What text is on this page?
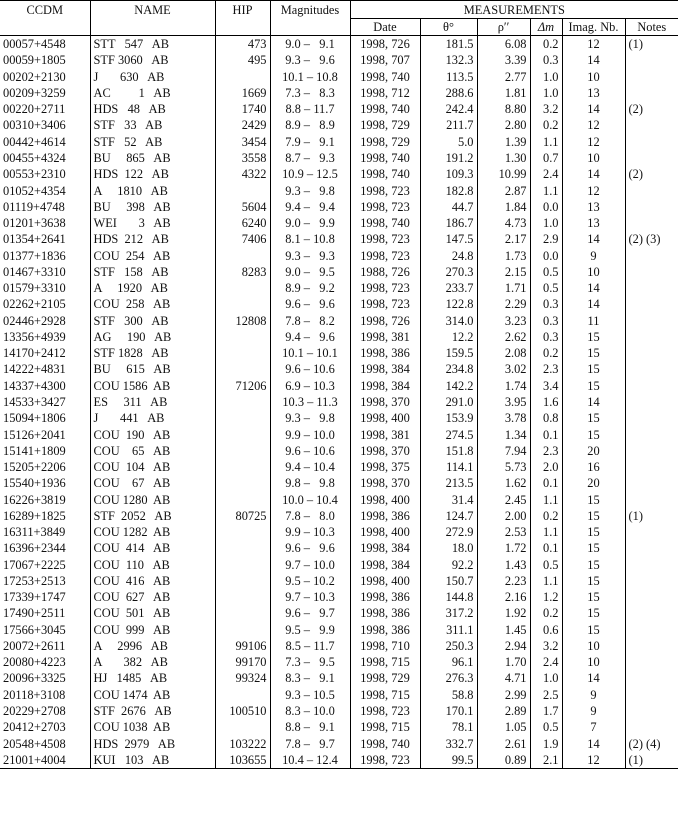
CCDM	NAME	HIP	Magnitudes	MEASUREMENTS					
				Date	θ°	ρ′′	Δm	Imag. Nb.	Notes
00057+4548	STT   547   AB	473	9.0 –   9.1	1998, 726	181.5	6.08	0.2	12	(1)
00059+1805	STF 3060   AB	495	9.3 –   9.6	1998, 707	132.3	3.39	0.3	14	
00202+2130	J       630   AB		10.1 – 10.8	1998, 740	113.5	2.77	1.0	10	
00209+3259	AC         1   AB	1669	7.3 –   8.3	1998, 712	288.6	1.81	1.0	13	
00220+2711	HDS   48   AB	1740	8.8 – 11.7	1998, 740	242.4	8.80	3.2	14	(2)
00310+3406	STF   33   AB	2429	8.9 –   8.9	1998, 729	211.7	2.80	0.2	12	
00442+4614	STF   52   AB	3454	7.9 –   9.1	1998, 729	5.0	1.39	1.1	12	
00455+4324	BU     865   AB	3558	8.7 –   9.3	1998, 740	191.2	1.30	0.7	10	
00553+2310	HDS  122   AB	4322	10.9 – 12.5	1998, 740	109.3	10.99	2.4	14	(2)
01052+4354	A     1810   AB		9.3 –   9.8	1998, 723	182.8	2.87	1.1	12	
01119+4748	BU     398   AB	5604	9.4 –   9.4	1998, 723	44.7	1.84	0.0	13	
01201+3638	WEI       3   AB	6240	9.0 –   9.9	1998, 740	186.7	4.73	1.0	13	
01354+2641	HDS  212   AB	7406	8.1 – 10.8	1998, 723	147.5	2.17	2.9	14	(2) (3)
01377+1836	COU  254   AB		9.3 –   9.3	1998, 723	24.8	1.73	0.0	9	
01467+3310	STF   158   AB	8283	9.0 –   9.5	1988, 726	270.3	2.15	0.5	10	
01579+3310	A     1920   AB		8.9 –   9.2	1998, 723	233.7	1.71	0.5	14	
02262+2105	COU  258   AB		9.6 –   9.6	1998, 723	122.8	2.29	0.3	14	
02446+2928	STF   300   AB	12808	7.8 –   8.2	1998, 726	314.0	3.23	0.3	11	
13356+4939	AG     190   AB		9.4 –   9.6	1998, 381	12.2	2.62	0.3	15	
14170+2412	STF 1828   AB		10.1 – 10.1	1998, 386	159.5	2.08	0.2	15	
14222+4831	BU     615   AB		9.6 – 10.6	1998, 384	234.8	3.02	2.3	15	
14337+4300	COU 1586  AB	71206	6.9 – 10.3	1998, 384	142.2	1.74	3.4	15	
14533+3427	ES     311   AB		10.3 – 11.3	1998, 370	291.0	3.95	1.6	14	
15094+1806	J       441   AB		9.3 –   9.8	1998, 400	153.9	3.78	0.8	15	
15126+2041	COU  190   AB		9.9 – 10.0	1998, 381	274.5	1.34	0.1	15	
15141+1809	COU    65   AB		9.6 – 10.6	1998, 370	151.8	7.94	2.3	20	
15205+2206	COU  104   AB		9.4 – 10.4	1998, 375	114.1	5.73	2.0	16	
15540+1936	COU    67   AB		9.8 –   9.8	1998, 370	213.5	1.62	0.1	20	
16226+3819	COU 1280  AB		10.0 – 10.4	1998, 400	31.4	2.45	1.1	15	
16289+1825	STF  2052   AB	80725	7.8 –   8.0	1998, 386	124.7	2.00	0.2	15	(1)
16311+3849	COU 1282  AB		9.9 – 10.3	1998, 400	272.9	2.53	1.1	15	
16396+2344	COU  414   AB		9.6 –   9.6	1998, 384	18.0	1.72	0.1	15	
17067+2225	COU  110   AB		9.7 – 10.0	1998, 384	92.2	1.43	0.5	15	
17253+2513	COU  416   AB		9.5 – 10.2	1998, 400	150.7	2.23	1.1	15	
17339+1747	COU  627   AB		9.7 – 10.3	1998, 386	144.8	2.16	1.2	15	
17490+2511	COU  501   AB		9.6 –   9.7	1998, 386	317.2	1.92	0.2	15	
17566+3045	COU  999   AB		9.5 –   9.9	1998, 386	311.1	1.45	0.6	15	
20072+2611	A     2996   AB	99106	8.5 – 11.7	1998, 710	250.3	2.94	3.2	10	
20080+4223	A       382   AB	99170	7.3 –   9.5	1998, 715	96.1	1.70	2.4	10	
20096+3325	HJ   1485   AB	99324	8.3 –   9.1	1998, 729	276.3	4.71	1.0	14	
20118+3108	COU 1474  AB		9.3 – 10.5	1998, 715	58.8	2.99	2.5	9	
20229+2708	STF  2676   AB	100510	8.3 – 10.0	1998, 723	170.1	2.89	1.7	9	
20412+2703	COU 1038  AB		8.8 –   9.1	1998, 715	78.1	1.05	0.5	7	
20548+4508	HDS  2979   AB	103222	7.8 –   9.7	1998, 740	332.7	2.61	1.9	14	(2) (4)
21001+4004	KUI   103   AB	103655	10.4 – 12.4	1998, 723	99.5	0.89	2.1	12	(1)
